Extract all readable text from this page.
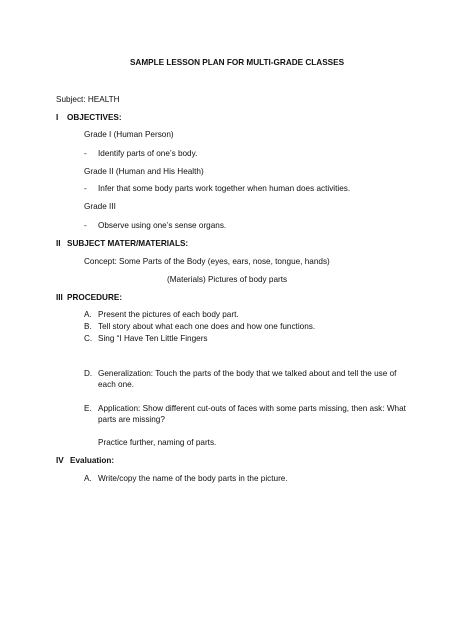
SAMPLE LESSON PLAN FOR MULTI-GRADE CLASSES
Subject: HEALTH
I OBJECTIVES:
Grade I (Human Person)
- Identify parts of one’s body.
Grade II (Human and His Health)
- Infer that some body parts work together when human does activities.
Grade III
- Observe using one’s sense organs.
II SUBJECT MATER/MATERIALS:
Concept: Some Parts of the Body (eyes, ears, nose, tongue, hands)
(Materials) Pictures of body parts
III PROCEDURE:
A. Present the pictures of each body part.
B. Tell story about what each one does and how one functions.
C. Sing “I Have Ten Little Fingers
D. Generalization: Touch the parts of the body that we talked about and tell the use of each one.
E. Application: Show different cut-outs of faces with some parts missing, then ask: What parts are missing?
Practice further, naming of parts.
IV Evaluation:
A. Write/copy the name of the body parts in the picture.
